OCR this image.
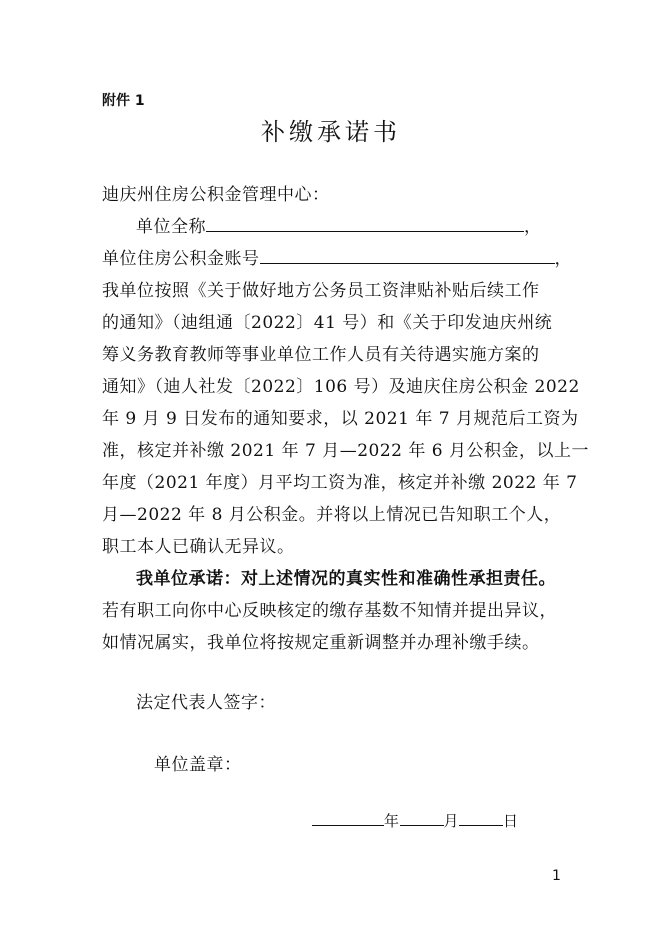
附件 1
补缴承诺书
迪庆州住房公积金管理中心：
单位全称	，
单位住房公积金账号	，
我单位按照《关于做好地方公务员工资津贴补贴后续工作
的通知》（迪组通〔2022〕41 号）和《关于印发迪庆州统
筹义务教育教师等事业单位工作人员有关待遇实施方案的
通知》（迪人社发〔2022〕106 号）及迪庆住房公积金 2022
年 9 月 9 日发布的通知要求，以 2021 年 7 月规范后工资为
准，核定并补缴 2021 年 7 月—2022 年 6 月公积金，以上一
年度（2021 年度）月平均工资为准，核定并补缴 2022 年 7
月—2022 年 8 月公积金。并将以上情况已告知职工个人，
职工本人已确认无异议。
我单位承诺：对上述情况的真实性和准确性承担责任。
若有职工向你中心反映核定的缴存基数不知情并提出异议，
如情况属实，我单位将按规定重新调整并办理补缴手续。
法定代表人签字：
单位盖章：
年	月	日
1
